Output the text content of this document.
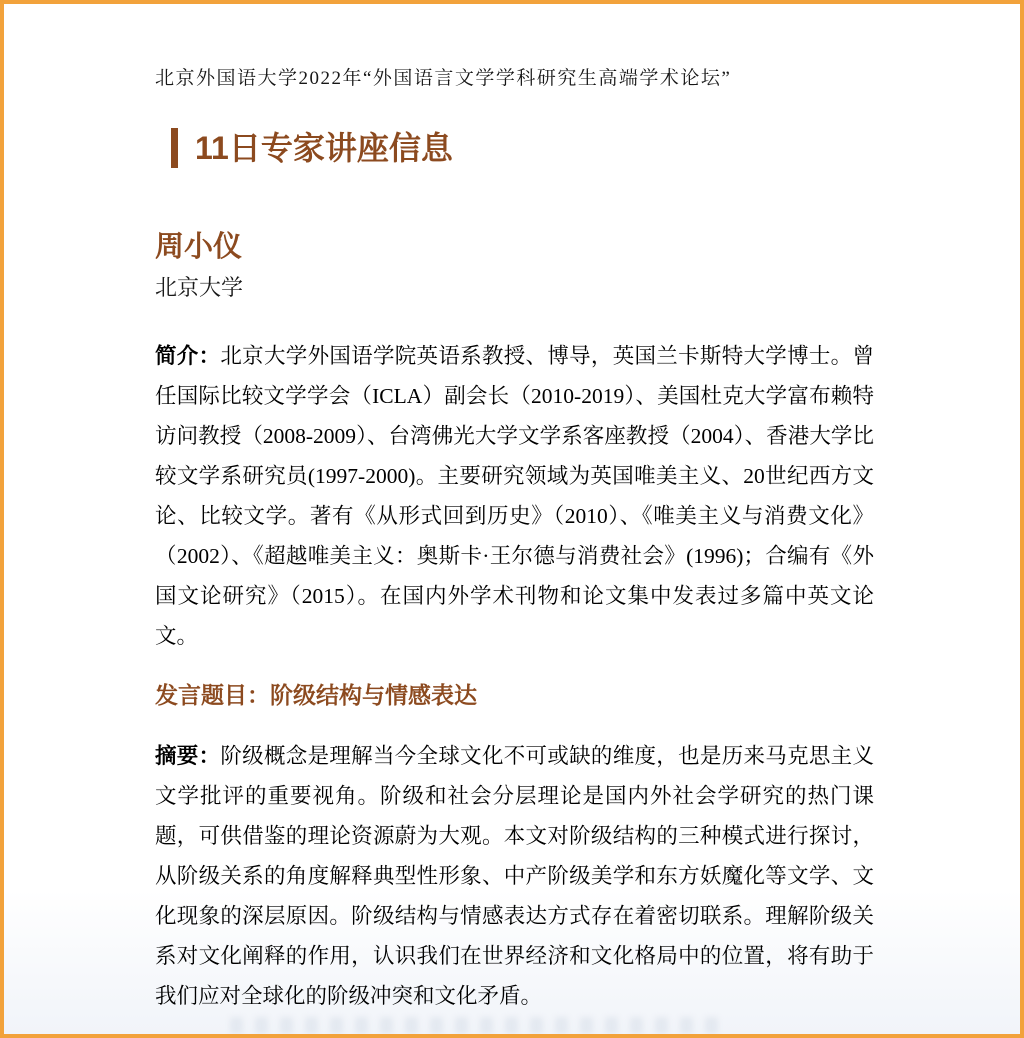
北京外国语大学2022年“外国语言文学学科研究生高端学术论坛”
11日专家讲座信息
周小仪
北京大学

简介：北京大学外国语学院英语系教授、博导，英国兰卡斯特大学博士。曾任国际比较文学学会（ICLA）副会长（2010-2019）、美国杜克大学富布赖特访问教授（2008-2009）、台湾佛光大学文学系客座教授（2004）、香港大学比较文学系研究员(1997-2000)。主要研究领域为英国唯美主义、20世纪西方文论、比较文学。著有《从形式回到历史》（2010）、《唯美主义与消费文化》（2002）、《超越唯美主义：奥斯卡·王尔德与消费社会》(1996)；合编有《外国文论研究》（2015）。在国内外学术刊物和论文集中发表过多篇中英文论文。

发言题目：阶级结构与情感表达

摘要：阶级概念是理解当今全球文化不可或缺的维度，也是历来马克思主义文学批评的重要视角。阶级和社会分层理论是国内外社会学研究的热门课题，可供借鉴的理论资源蔚为大观。本文对阶级结构的三种模式进行探讨，从阶级关系的角度解释典型性形象、中产阶级美学和东方妖魔化等文学、文化现象的深层原因。阶级结构与情感表达方式存在着密切联系。理解阶级关系对文化阐释的作用，认识我们在世界经济和文化格局中的位置，将有助于我们应对全球化的阶级冲突和文化矛盾。
